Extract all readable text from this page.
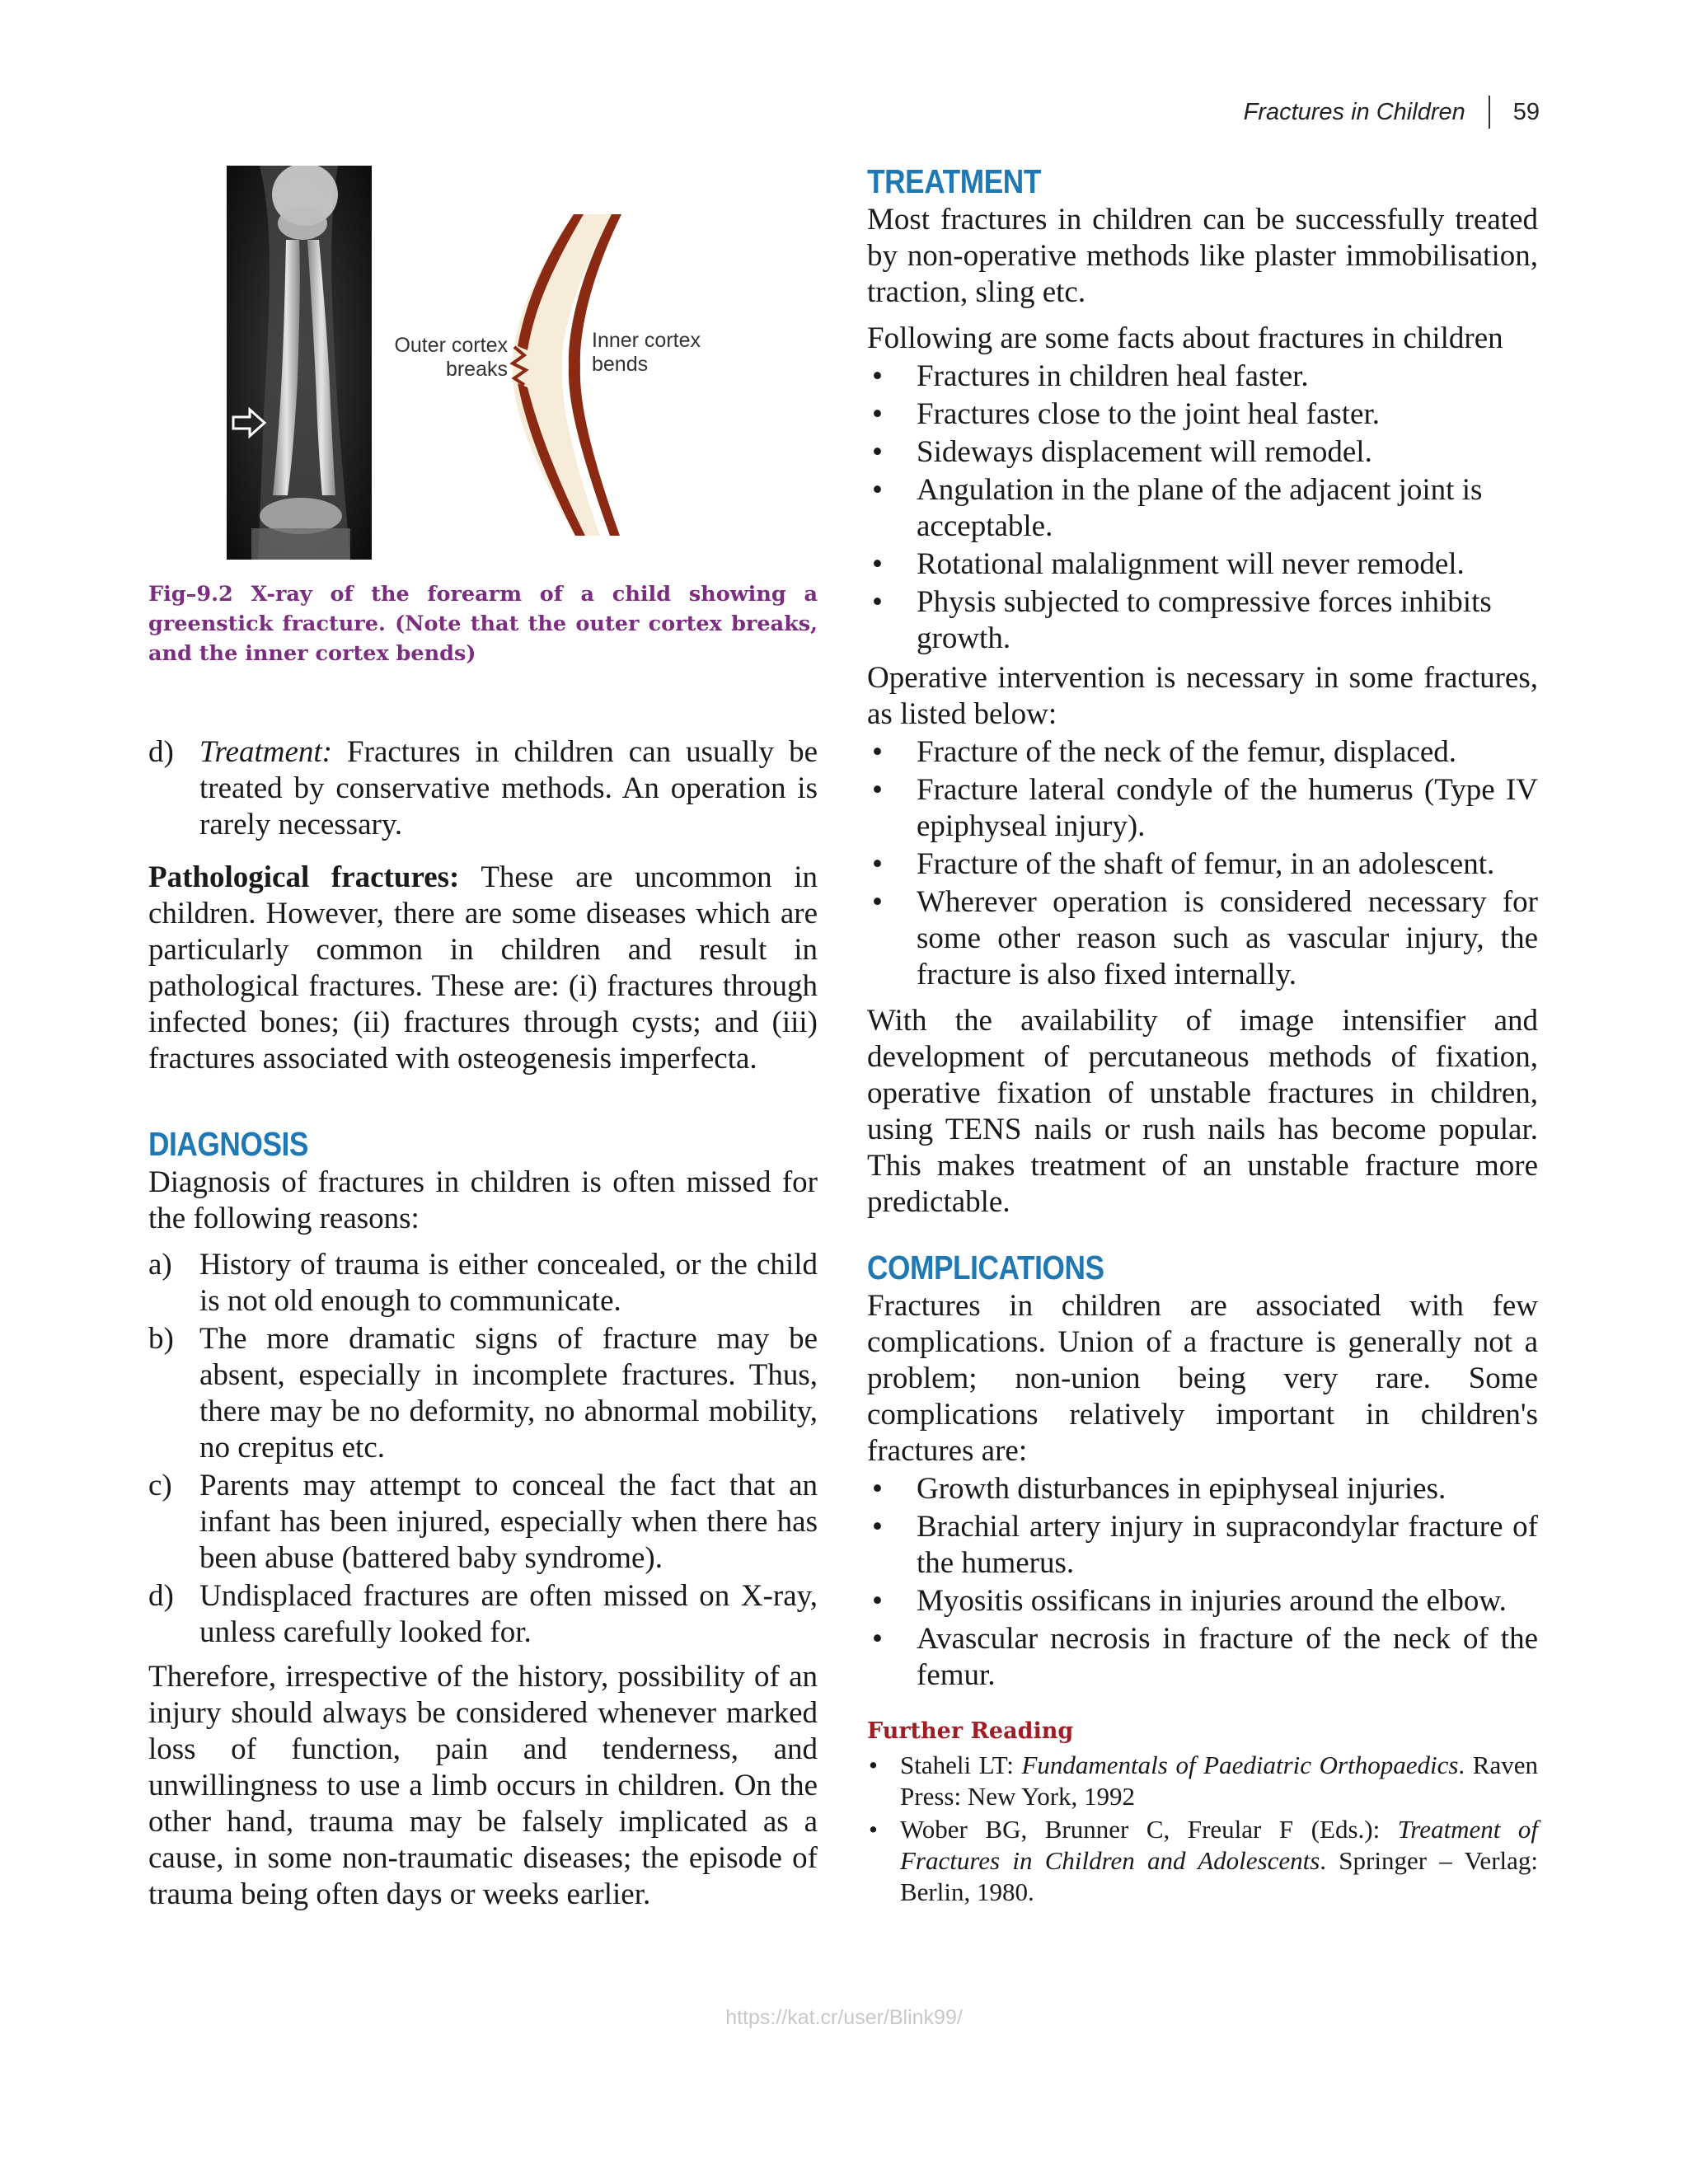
Fractures in Children 59
Outer cortex
breaks
Inner cortex
bends
Fig–9.2 X-ray of the forearm of a child showing a greenstick fracture. (Note that the outer cortex breaks, and the inner cortex bends)
d) Treatment: Fractures in children can usually be treated by conservative methods. An operation is rarely necessary.

Pathological fractures: These are uncommon in children. However, there are some diseases which are particularly common in children and result in pathological fractures. These are: (i) fractures through infected bones; (ii) fractures through cysts; and (iii) fractures associated with osteogenesis imperfecta.

DIAGNOSIS

Diagnosis of fractures in children is often missed for the following reasons:

a) History of trauma is either concealed, or the child is not old enough to communicate.
b) The more dramatic signs of fracture may be absent, especially in incomplete fractures. Thus, there may be no deformity, no abnormal mobility, no crepitus etc.
c) Parents may attempt to conceal the fact that an infant has been injured, especially when there has been abuse (battered baby syndrome).
d) Undisplaced fractures are often missed on X-ray, unless carefully looked for.

Therefore, irrespective of the history, possibility of an injury should always be considered whenever marked loss of function, pain and tenderness, and unwillingness to use a limb occurs in children. On the other hand, trauma may be falsely implicated as a cause, in some non-traumatic diseases; the episode of trauma being often days or weeks earlier.

TREATMENT

Most fractures in children can be successfully treated by non-operative methods like plaster immobilisation, traction, sling etc.

Following are some facts about fractures in children

• Fractures in children heal faster.
• Fractures close to the joint heal faster.
• Sideways displacement will remodel.
• Angulation in the plane of the adjacent joint is acceptable.
• Rotational malalignment will never remodel.
• Physis subjected to compressive forces inhibits growth.

Operative intervention is necessary in some fractures, as listed below:

• Fracture of the neck of the femur, displaced.
• Fracture lateral condyle of the humerus (Type IV epiphyseal injury).
• Fracture of the shaft of femur, in an adolescent.
• Wherever operation is considered necessary for some other reason such as vascular injury, the fracture is also fixed internally.

With the availability of image intensifier and development of percutaneous methods of fixation, operative fixation of unstable fractures in children, using TENS nails or rush nails has become popular. This makes treatment of an unstable fracture more predictable.

COMPLICATIONS

Fractures in children are associated with few complications. Union of a fracture is generally not a problem; non-union being very rare. Some complications relatively important in children's fractures are:

• Growth disturbances in epiphyseal injuries.
• Brachial artery injury in supracondylar fracture of the humerus.
• Myositis ossificans in injuries around the elbow.
• Avascular necrosis in fracture of the neck of the femur.
Further Reading
• Staheli LT: Fundamentals of Paediatric Orthopaedics. Raven Press: New York, 1992
• Wober BG, Brunner C, Freular F (Eds.): Treatment of Fractures in Children and Adolescents. Springer – Verlag: Berlin, 1980.
https://kat.cr/user/Blink99/
